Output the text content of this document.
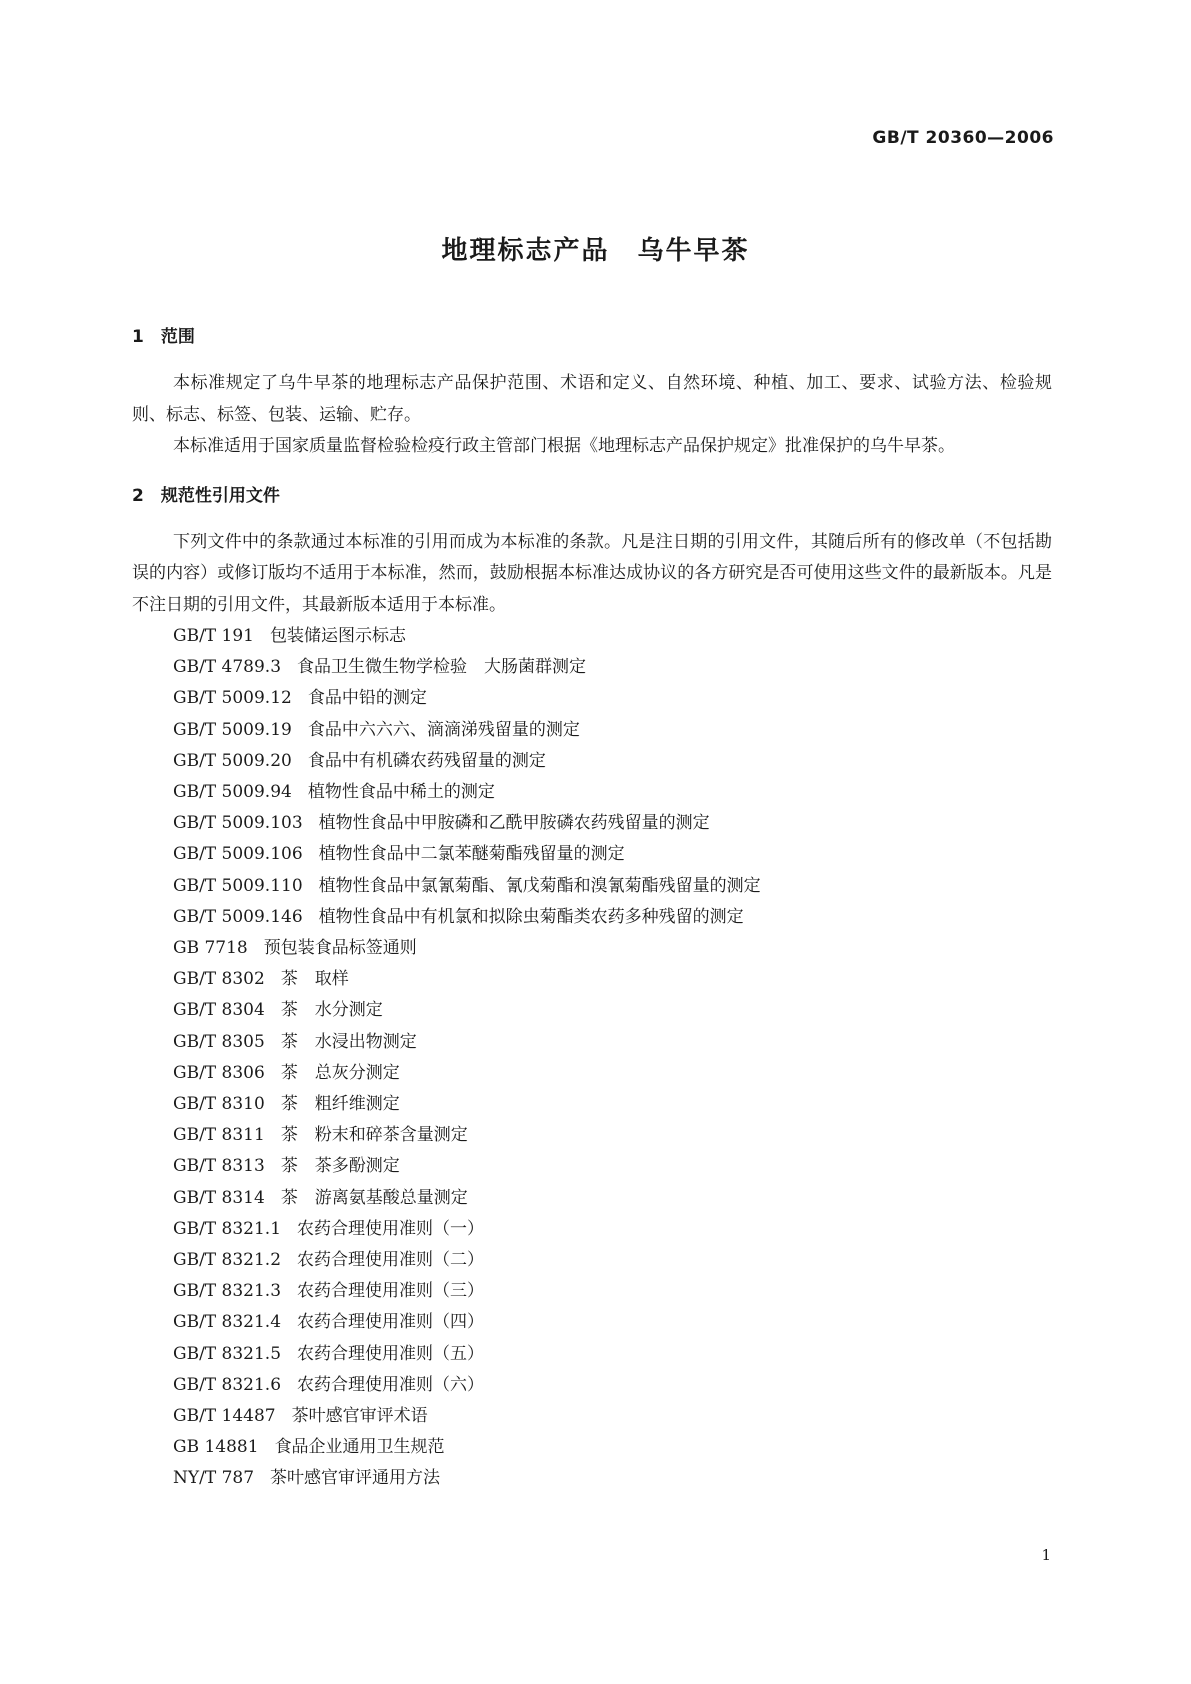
GB/T 20360—2006
地理标志产品　乌牛早茶
1　范围

本标准规定了乌牛早茶的地理标志产品保护范围、术语和定义、自然环境、种植、加工、要求、试验方法、检验规则、标志、标签、包装、运输、贮存。

本标准适用于国家质量监督检验检疫行政主管部门根据《地理标志产品保护规定》批准保护的乌牛早茶。

2　规范性引用文件

下列文件中的条款通过本标准的引用而成为本标准的条款。凡是注日期的引用文件，其随后所有的修改单（不包括勘误的内容）或修订版均不适用于本标准，然而，鼓励根据本标准达成协议的各方研究是否可使用这些文件的最新版本。凡是不注日期的引用文件，其最新版本适用于本标准。

GB/T 191 包装储运图示标志
GB/T 4789.3 食品卫生微生物学检验　大肠菌群测定
GB/T 5009.12 食品中铅的测定
GB/T 5009.19 食品中六六六、滴滴涕残留量的测定
GB/T 5009.20 食品中有机磷农药残留量的测定
GB/T 5009.94 植物性食品中稀土的测定
GB/T 5009.103 植物性食品中甲胺磷和乙酰甲胺磷农药残留量的测定
GB/T 5009.106 植物性食品中二氯苯醚菊酯残留量的测定
GB/T 5009.110 植物性食品中氯氰菊酯、氰戊菊酯和溴氰菊酯残留量的测定
GB/T 5009.146 植物性食品中有机氯和拟除虫菊酯类农药多种残留的测定
GB 7718 预包装食品标签通则
GB/T 8302 茶　取样
GB/T 8304 茶　水分测定
GB/T 8305 茶　水浸出物测定
GB/T 8306 茶　总灰分测定
GB/T 8310 茶　粗纤维测定
GB/T 8311 茶　粉末和碎茶含量测定
GB/T 8313 茶　茶多酚测定
GB/T 8314 茶　游离氨基酸总量测定
GB/T 8321.1 农药合理使用准则（一）
GB/T 8321.2 农药合理使用准则（二）
GB/T 8321.3 农药合理使用准则（三）
GB/T 8321.4 农药合理使用准则（四）
GB/T 8321.5 农药合理使用准则（五）
GB/T 8321.6 农药合理使用准则（六）
GB/T 14487 茶叶感官审评术语
GB 14881 食品企业通用卫生规范
NY/T 787 茶叶感官审评通用方法
1
